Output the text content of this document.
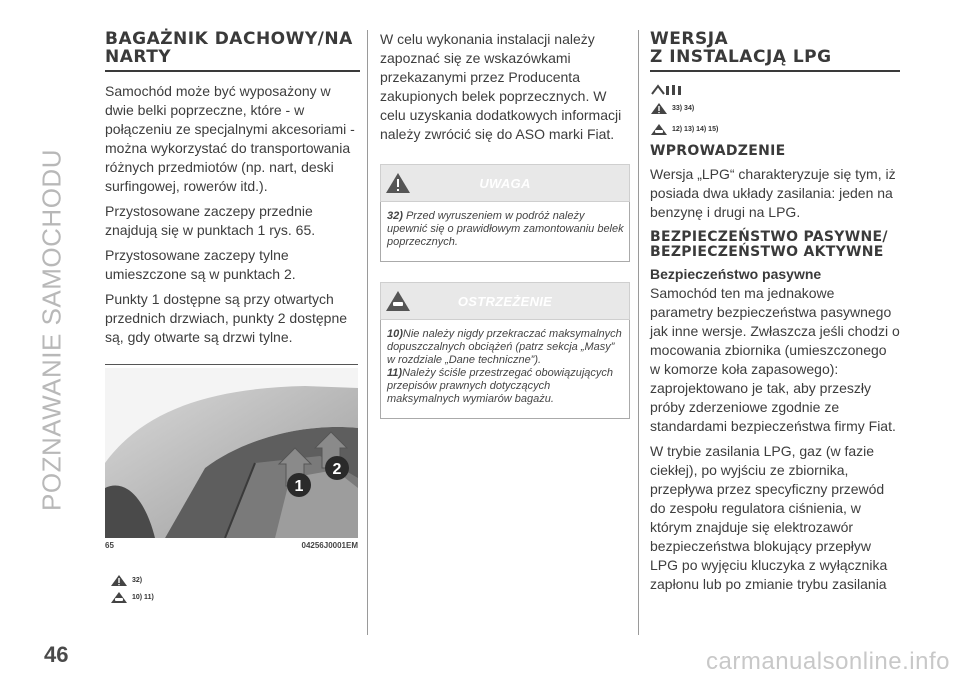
POZNAWANIE SAMOCHODU
46	carmanualsonline.info
BAGAŻNIK DACHOWY/NA NARTY

Samochód może być wyposażony w dwie belki poprzeczne, które - w połączeniu ze specjalnymi akcesoriami - można wykorzystać do transportowania różnych przedmiotów (np. nart, deski surfingowej, rowerów itd.).

Przystosowane zaczepy przednie znajdują się w punktach 1 rys. 65.

Przystosowane zaczepy tylne umieszczone są w punktach 2.

Punkty 1 dostępne są przy otwartych przednich drzwiach, punkty 2 dostępne są, gdy otwarte są drzwi tylne.

1
2
65	04256J0001EM
32)
10) 11)

W celu wykonania instalacji należy zapoznać się ze wskazówkami przekazanymi przez Producenta zakupionych belek poprzecznych. W celu uzyskania dodatkowych informacji należy zwrócić się do ASO marki Fiat.

UWAGA
32) Przed wyruszeniem w podróż należy upewnić się o prawidłowym zamontowaniu belek poprzecznych.
OSTRZEŻENIE
10)Nie należy nigdy przekraczać maksymalnych dopuszczalnych obciążeń (patrz sekcja „Masy” w rozdziale „Dane techniczne”).
11)Należy ściśle przestrzegać obowiązujących przepisów prawnych dotyczących maksymalnych wymiarów bagażu.
WERSJA
Z INSTALACJĄ LPG
33) 34)
12) 13) 14) 15)
WPROWADZENIE

Wersja „LPG“ charakteryzuje się tym, iż posiada dwa układy zasilania: jeden na benzynę i drugi na LPG.

BEZPIECZEŃSTWO PASYWNE/ BEZPIECZEŃSTWO AKTYWNE
Bezpieczeństwo pasywne

Samochód ten ma jednakowe parametry bezpieczeństwa pasywnego jak inne wersje. Zwłaszcza jeśli chodzi o mocowania zbiornika (umieszczonego w komorze koła zapasowego): zaprojektowano je tak, aby przeszły próby zderzeniowe zgodnie ze standardami bezpieczeństwa firmy Fiat.

W trybie zasilania LPG, gaz (w fazie ciekłej), po wyjściu ze zbiornika, przepływa przez specyficzny przewód do zespołu regulatora ciśnienia, w którym znajduje się elektrozawór bezpieczeństwa blokujący przepływ LPG po wyjęciu kluczyka z wyłącznika zapłonu lub po zmianie trybu zasilania
